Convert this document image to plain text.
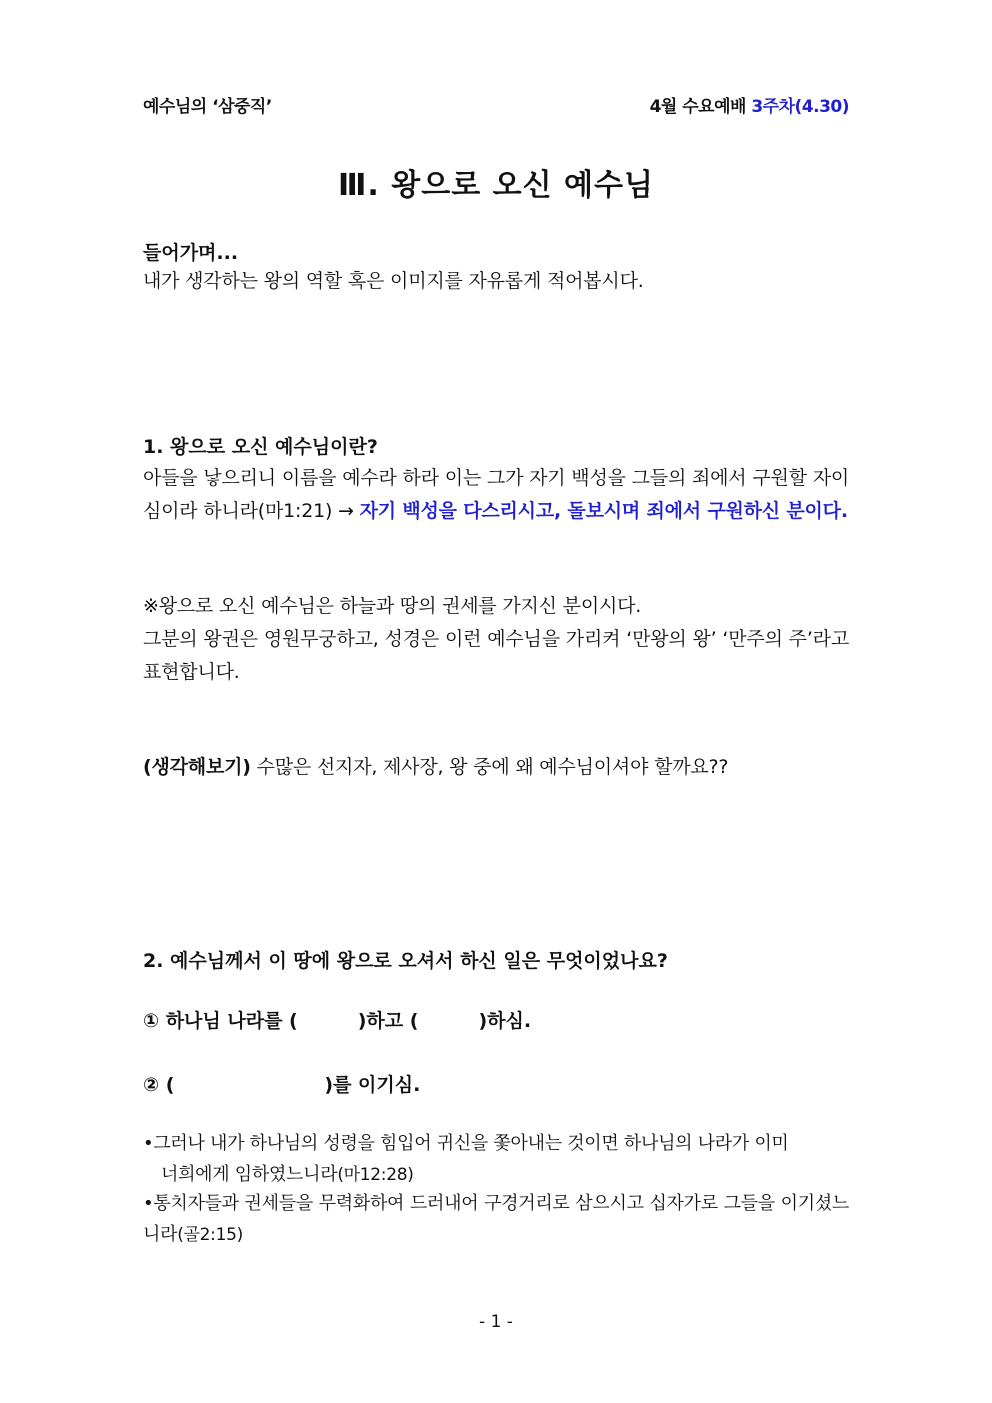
예수님의 ‘삼중직’	4월 수요예배 3주차(4.30)
Ⅲ. 왕으로 오신 예수님
들어가며...
내가 생각하는 왕의 역할 혹은 이미지를 자유롭게 적어봅시다.
1. 왕으로 오신 예수님이란?
아들을 낳으리니 이름을 예수라 하라 이는 그가 자기 백성을 그들의 죄에서 구원할 자이심이라 하니라(마1:21) → 자기 백성을 다스리시고, 돌보시며 죄에서 구원하신 분이다.
※왕으로 오신 예수님은 하늘과 땅의 권세를 가지신 분이시다.
그분의 왕권은 영원무궁하고, 성경은 이런 예수님을 가리켜 ‘만왕의 왕’ ‘만주의 주’라고 표현합니다.
(생각해보기) 수많은 선지자, 제사장, 왕 중에 왜 예수님이셔야 할까요??
2. 예수님께서 이 땅에 왕으로 오셔서 하신 일은 무엇이었나요?
① 하나님 나라를 (	)하고 (	)하심.
② (	)를 이기심.
•그러나 내가 하나님의 성령을 힘입어 귀신을 쫓아내는 것이면 하나님의 나라가 이미
너희에게 임하였느니라(마12:28)
•통치자들과 권세들을 무력화하여 드러내어 구경거리로 삼으시고 십자가로 그들을 이기셨느니라(골2:15)
- 1 -
